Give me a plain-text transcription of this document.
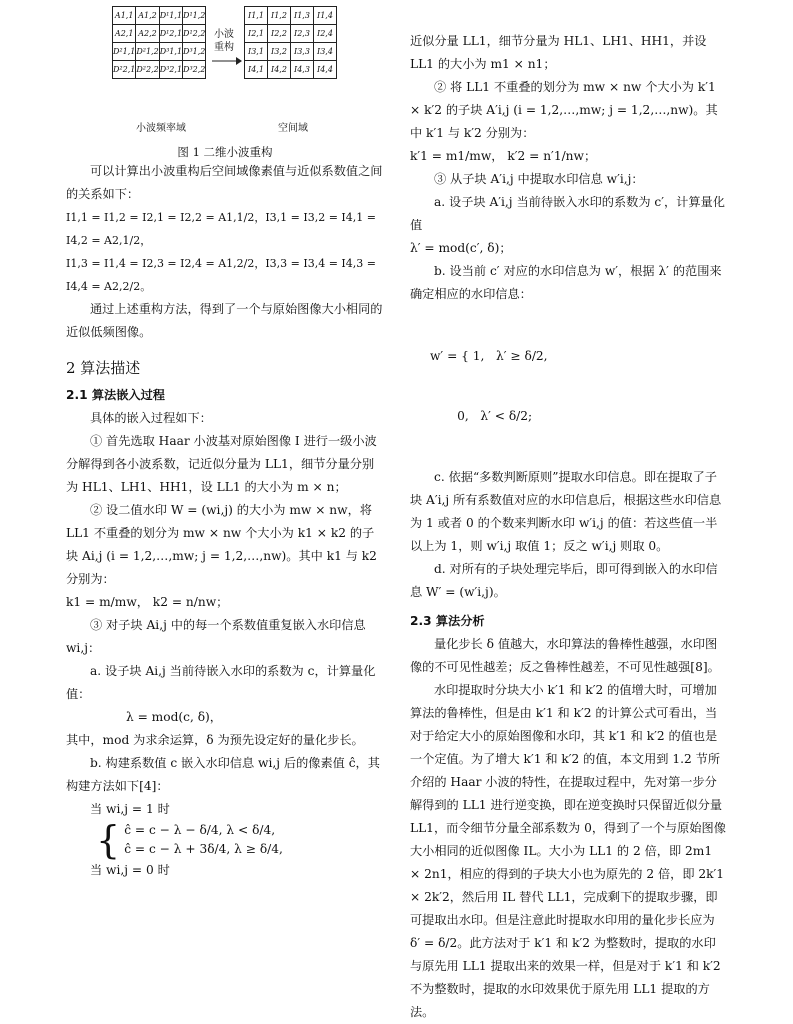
A1,1	A1,2	D¹1,1	D¹1,2
A2,1	A2,2	D¹2,1	D¹2,2
D²1,1	D²1,2	D³1,1	D³1,2
D²2,1	D²2,2	D³2,1	D³2,2
小波
重构
I1,1	I1,2	I1,3	I1,4
I2,1	I2,2	I2,3	I2,4
I3,1	I3,2	I3,3	I3,4
I4,1	I4,2	I4,3	I4,4
小波频率域	空间域
图 1 二维小波重构

可以计算出小波重构后空间域像素值与近似系数值之间的关系如下：

I1,1 = I1,2 = I2,1 = I2,2 = A1,1/2，I3,1 = I3,2 = I4,1 = I4,2 = A2,1/2，

I1,3 = I1,4 = I2,3 = I2,4 = A1,2/2，I3,3 = I3,4 = I4,3 = I4,4 = A2,2/2。

通过上述重构方法，得到了一个与原始图像大小相同的近似低频图像。

2 算法描述

2.1 算法嵌入过程

具体的嵌入过程如下：

① 首先选取 Haar 小波基对原始图像 I 进行一级小波分解得到各小波系数，记近似分量为 LL1，细节分量分别为 HL1、LH1、HH1，设 LL1 的大小为 m × n；

② 设二值水印 W = (wi,j) 的大小为 mw × nw，将 LL1 不重叠的划分为 mw × nw 个大小为 k1 × k2 的子块 Ai,j (i = 1,2,…,mw; j = 1,2,…,nw)。其中 k1 与 k2 分别为：

k1 = m/mw， k2 = n/nw；

③ 对子块 Ai,j 中的每一个系数值重复嵌入水印信息 wi,j：

a. 设子块 Ai,j 当前待嵌入水印的系数为 c，计算量化值：

λ = mod(c, δ)，

其中，mod 为求余运算，δ 为预先设定好的量化步长。

b. 构建系数值 c 嵌入水印信息 wi,j 后的像素值 ĉ，其构建方法如下[4]：

当 wi,j = 1 时

{ ĉ = c − λ − δ/4, λ < δ/4,
ĉ = c − λ + 3δ/4, λ ≥ δ/4,

当 wi,j = 0 时

近似分量 LL1，细节分量为 HL1、LH1、HH1，并设 LL1 的大小为 m1 × n1；

② 将 LL1 不重叠的划分为 mw × nw 个大小为 k′1 × k′2 的子块 A′i,j (i = 1,2,…,mw; j = 1,2,…,nw)。其中 k′1 与 k′2 分别为：

k′1 = m1/mw， k′2 = n′1/nw；

③ 从子块 A′i,j 中提取水印信息 w′i,j：

a. 设子块 A′i,j 当前待嵌入水印的系数为 c′，计算量化值

λ′ = mod(c′, δ)；

b. 设当前 c′ 对应的水印信息为 w′，根据 λ′ 的范围来确定相应的水印信息：

w′ = { 1,   λ′ ≥ δ/2,

0,   λ′ < δ/2;

c. 依据“多数判断原则”提取水印信息。即在提取了子块 A′i,j 所有系数值对应的水印信息后，根据这些水印信息为 1 或者 0 的个数来判断水印 w′i,j 的值：若这些值一半以上为 1，则 w′i,j 取值 1；反之 w′i,j 则取 0。

d. 对所有的子块处理完毕后，即可得到嵌入的水印信息 W′ = (w′i,j)。

2.3 算法分析

量化步长 δ 值越大，水印算法的鲁棒性越强，水印图像的不可见性越差；反之鲁棒性越差，不可见性越强[8]。

水印提取时分块大小 k′1 和 k′2 的值增大时，可增加算法的鲁棒性，但是由 k′1 和 k′2 的计算公式可看出，当对于给定大小的原始图像和水印，其 k′1 和 k′2 的值也是一个定值。为了增大 k′1 和 k′2 的值，本文用到 1.2 节所介绍的 Haar 小波的特性，在提取过程中，先对第一步分解得到的 LL1 进行逆变换，即在逆变换时只保留近似分量 LL1，而令细节分量全部系数为 0，得到了一个与原始图像大小相同的近似图像 IL。大小为 LL1 的 2 倍，即 2m1 × 2n1，相应的得到的子块大小也为原先的 2 倍，即 2k′1 × 2k′2，然后用 IL 替代 LL1，完成剩下的提取步骤，即可提取出水印。但是注意此时提取水印用的量化步长应为 δ′ = δ/2。此方法对于 k′1 和 k′2 为整数时，提取的水印与原先用 LL1 提取出来的效果一样，但是对于 k′1 和 k′2 不为整数时，提取的水印效果优于原先用 LL1 提取的方法。
